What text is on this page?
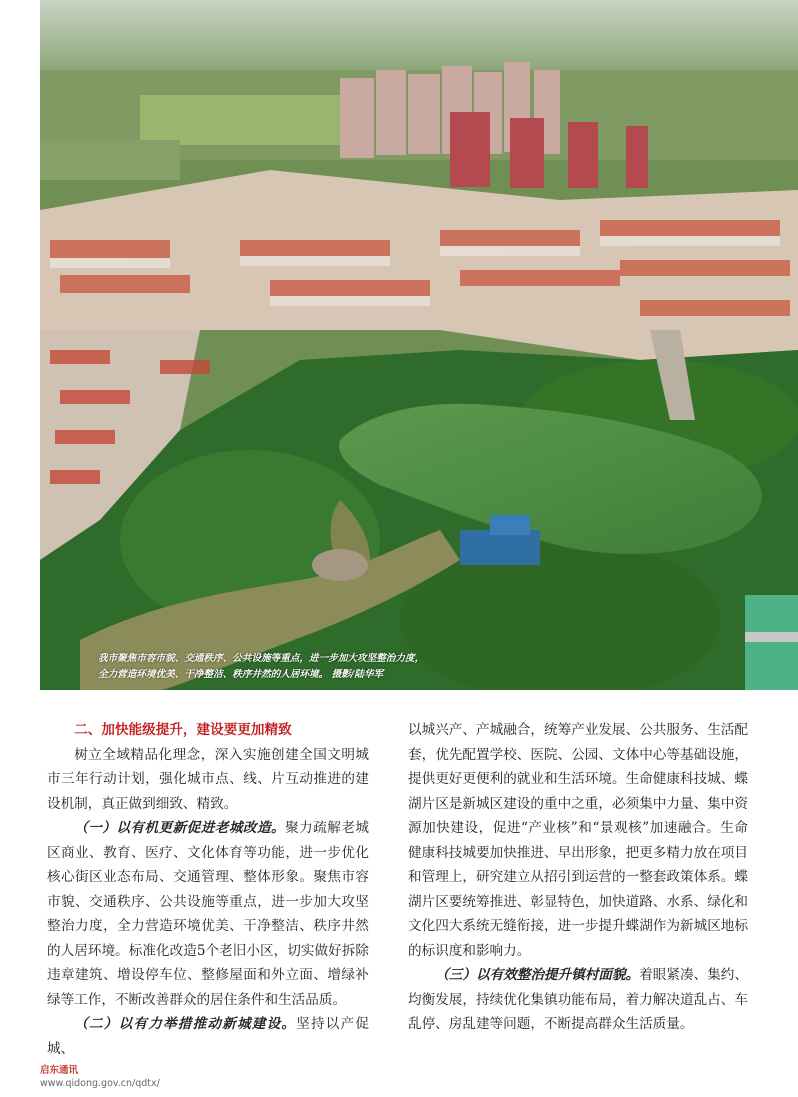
我市聚焦市容市貌、交通秩序、公共设施等重点，进一步加大攻坚整治力度，
全力营造环境优美、干净整洁、秩序井然的人居环境。 摄影/陆华军

二、加快能级提升，建设要更加精致

树立全域精品化理念，深入实施创建全国文明城市三年行动计划，强化城市点、线、片互动推进的建设机制，真正做到细致、精致。

（一）以有机更新促进老城改造。聚力疏解老城区商业、教育、医疗、文化体育等功能，进一步优化核心街区业态布局、交通管理、整体形象。聚焦市容市貌、交通秩序、公共设施等重点，进一步加大攻坚整治力度，全力营造环境优美、干净整洁、秩序井然的人居环境。标准化改造5个老旧小区，切实做好拆除违章建筑、增设停车位、整修屋面和外立面、增绿补绿等工作，不断改善群众的居住条件和生活品质。

（二）以有力举措推动新城建设。坚持以产促城、

以城兴产、产城融合，统筹产业发展、公共服务、生活配套，优先配置学校、医院、公园、文体中心等基础设施，提供更好更便利的就业和生活环境。生命健康科技城、蝶湖片区是新城区建设的重中之重，必须集中力量、集中资源加快建设，促进“产业核”和“景观核”加速融合。生命健康科技城要加快推进、早出形象，把更多精力放在项目和管理上，研究建立从招引到运营的一整套政策体系。蝶湖片区要统筹推进、彰显特色，加快道路、水系、绿化和文化四大系统无缝衔接，进一步提升蝶湖作为新城区地标的标识度和影响力。

（三）以有效整治提升镇村面貌。着眼紧凑、集约、均衡发展，持续优化集镇功能布局，着力解决道乱占、车乱停、房乱建等问题，不断提高群众生活质量。

启东通讯
www.qidong.gov.cn/qdtx/
